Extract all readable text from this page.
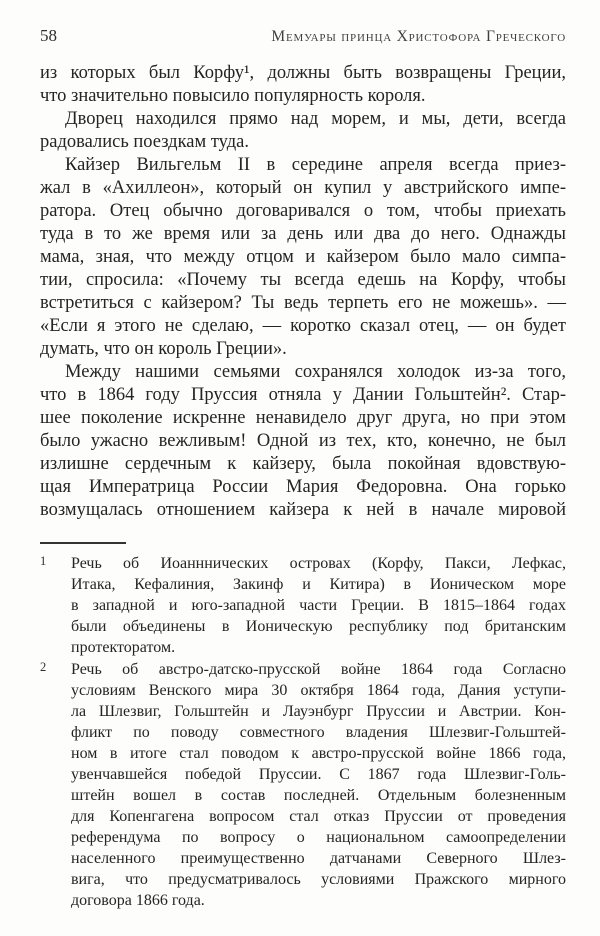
58	Мемуары принца Христофора Греческого
из которых был Корфу¹, должны быть возвращены Греции,
что значительно повысило популярность короля.
Дворец находился прямо над морем, и мы, дети, всегда
радовались поездкам туда.
Кайзер Вильгельм II в середине апреля всегда приез-
жал в «Ахиллеон», который он купил у австрийского импе-
ратора. Отец обычно договаривался о том, чтобы приехать
туда в то же время или за день или два до него. Однажды
мама, зная, что между отцом и кайзером было мало симпа-
тии, спросила: «Почему ты всегда едешь на Корфу, чтобы
встретиться с кайзером? Ты ведь терпеть его не можешь». —
«Если я этого не сделаю, — коротко сказал отец, — он будет
думать, что он король Греции».
Между нашими семьями сохранялся холодок из-за того,
что в 1864 году Пруссия отняла у Дании Гольштейн². Стар-
шее поколение искренне ненавидело друг друга, но при этом
было ужасно вежливым! Одной из тех, кто, конечно, не был
излишне сердечным к кайзеру, была покойная вдовствую-
щая Императрица России Мария Федоровна. Она горько
возмущалась отношением кайзера к ней в начале мировой
1	Речь об Иоанннических островах (Корфу, Пакси, Лефкас,
Итака, Кефалиния, Закинф и Китира) в Ионическом море
в западной и юго-западной части Греции. В 1815–1864 годах
были объединены в Ионическую республику под британским
протекторатом.
2	Речь об австро-датско-прусской войне 1864 года Согласно
условиям Венского мира 30 октября 1864 года, Дания уступи-
ла Шлезвиг, Гольштейн и Лауэнбург Пруссии и Австрии. Кон-
фликт по поводу совместного владения Шлезвиг-Гольштей-
ном в итоге стал поводом к австро-прусской войне 1866 года,
увенчавшейся победой Пруссии. С 1867 года Шлезвиг-Голь-
штейн вошел в состав последней. Отдельным болезненным
для Копенгагена вопросом стал отказ Пруссии от проведения
референдума по вопросу о национальном самоопределении
населенного преимущественно датчанами Северного Шлез-
вига, что предусматривалось условиями Пражского мирного
договора 1866 года.
